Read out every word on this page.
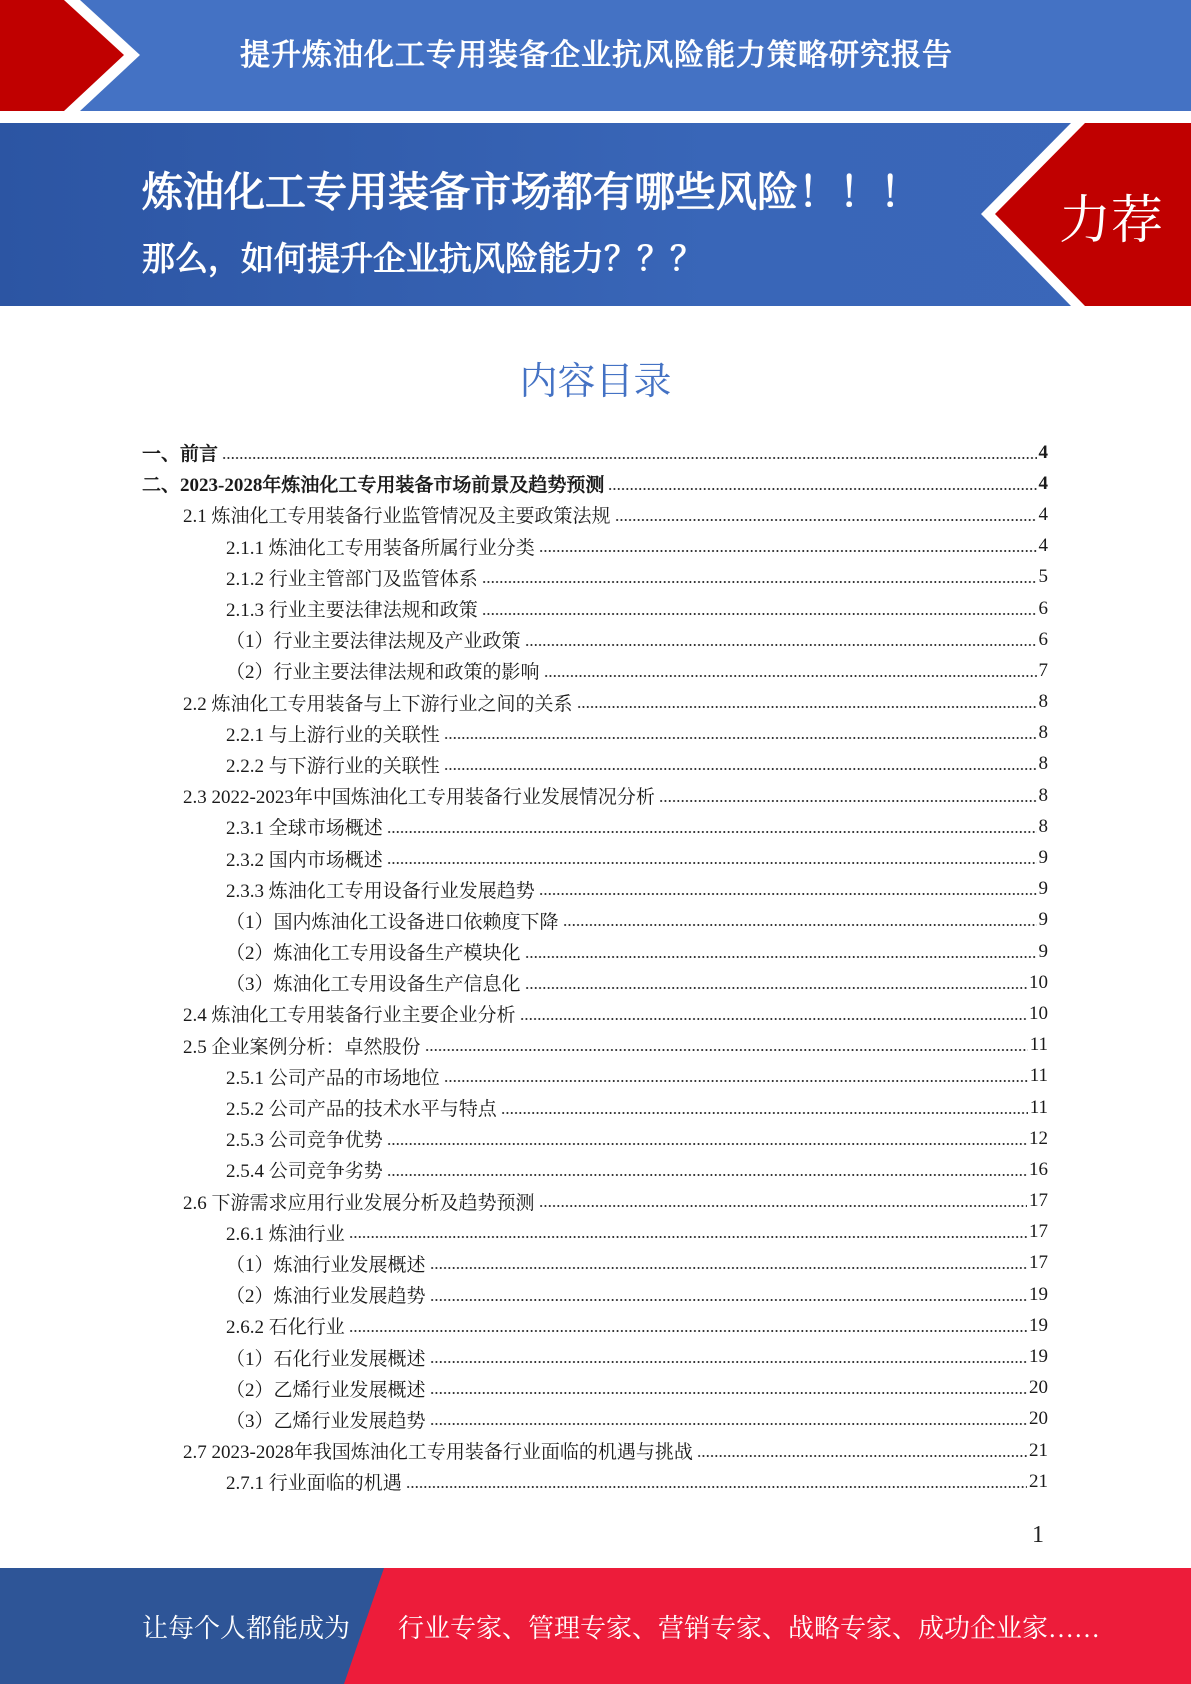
提升炼油化工专用装备企业抗风险能力策略研究报告
炼油化工专用装备市场都有哪些风险！！！
那么，如何提升企业抗风险能力？？？
力荐
内容目录
一、前言	4
二、2023-2028年炼油化工专用装备市场前景及趋势预测	4
2.1 炼油化工专用装备行业监管情况及主要政策法规	4
2.1.1 炼油化工专用装备所属行业分类	4
2.1.2 行业主管部门及监管体系	5
2.1.3 行业主要法律法规和政策	6
（1）行业主要法律法规及产业政策	6
（2）行业主要法律法规和政策的影响	7
2.2 炼油化工专用装备与上下游行业之间的关系	8
2.2.1 与上游行业的关联性	8
2.2.2 与下游行业的关联性	8
2.3 2022-2023年中国炼油化工专用装备行业发展情况分析	8
2.3.1 全球市场概述	8
2.3.2 国内市场概述	9
2.3.3 炼油化工专用设备行业发展趋势	9
（1）国内炼油化工设备进口依赖度下降	9
（2）炼油化工专用设备生产模块化	9
（3）炼油化工专用设备生产信息化	10
2.4 炼油化工专用装备行业主要企业分析	10
2.5 企业案例分析：卓然股份	11
2.5.1 公司产品的市场地位	11
2.5.2 公司产品的技术水平与特点	11
2.5.3 公司竞争优势	12
2.5.4 公司竞争劣势	16
2.6 下游需求应用行业发展分析及趋势预测	17
2.6.1 炼油行业	17
（1）炼油行业发展概述	17
（2）炼油行业发展趋势	19
2.6.2 石化行业	19
（1）石化行业发展概述	19
（2）乙烯行业发展概述	20
（3）乙烯行业发展趋势	20
2.7 2023-2028年我国炼油化工专用装备行业面临的机遇与挑战	21
2.7.1 行业面临的机遇	21
1
让每个人都能成为 行业专家、管理专家、营销专家、战略专家、成功企业家……
